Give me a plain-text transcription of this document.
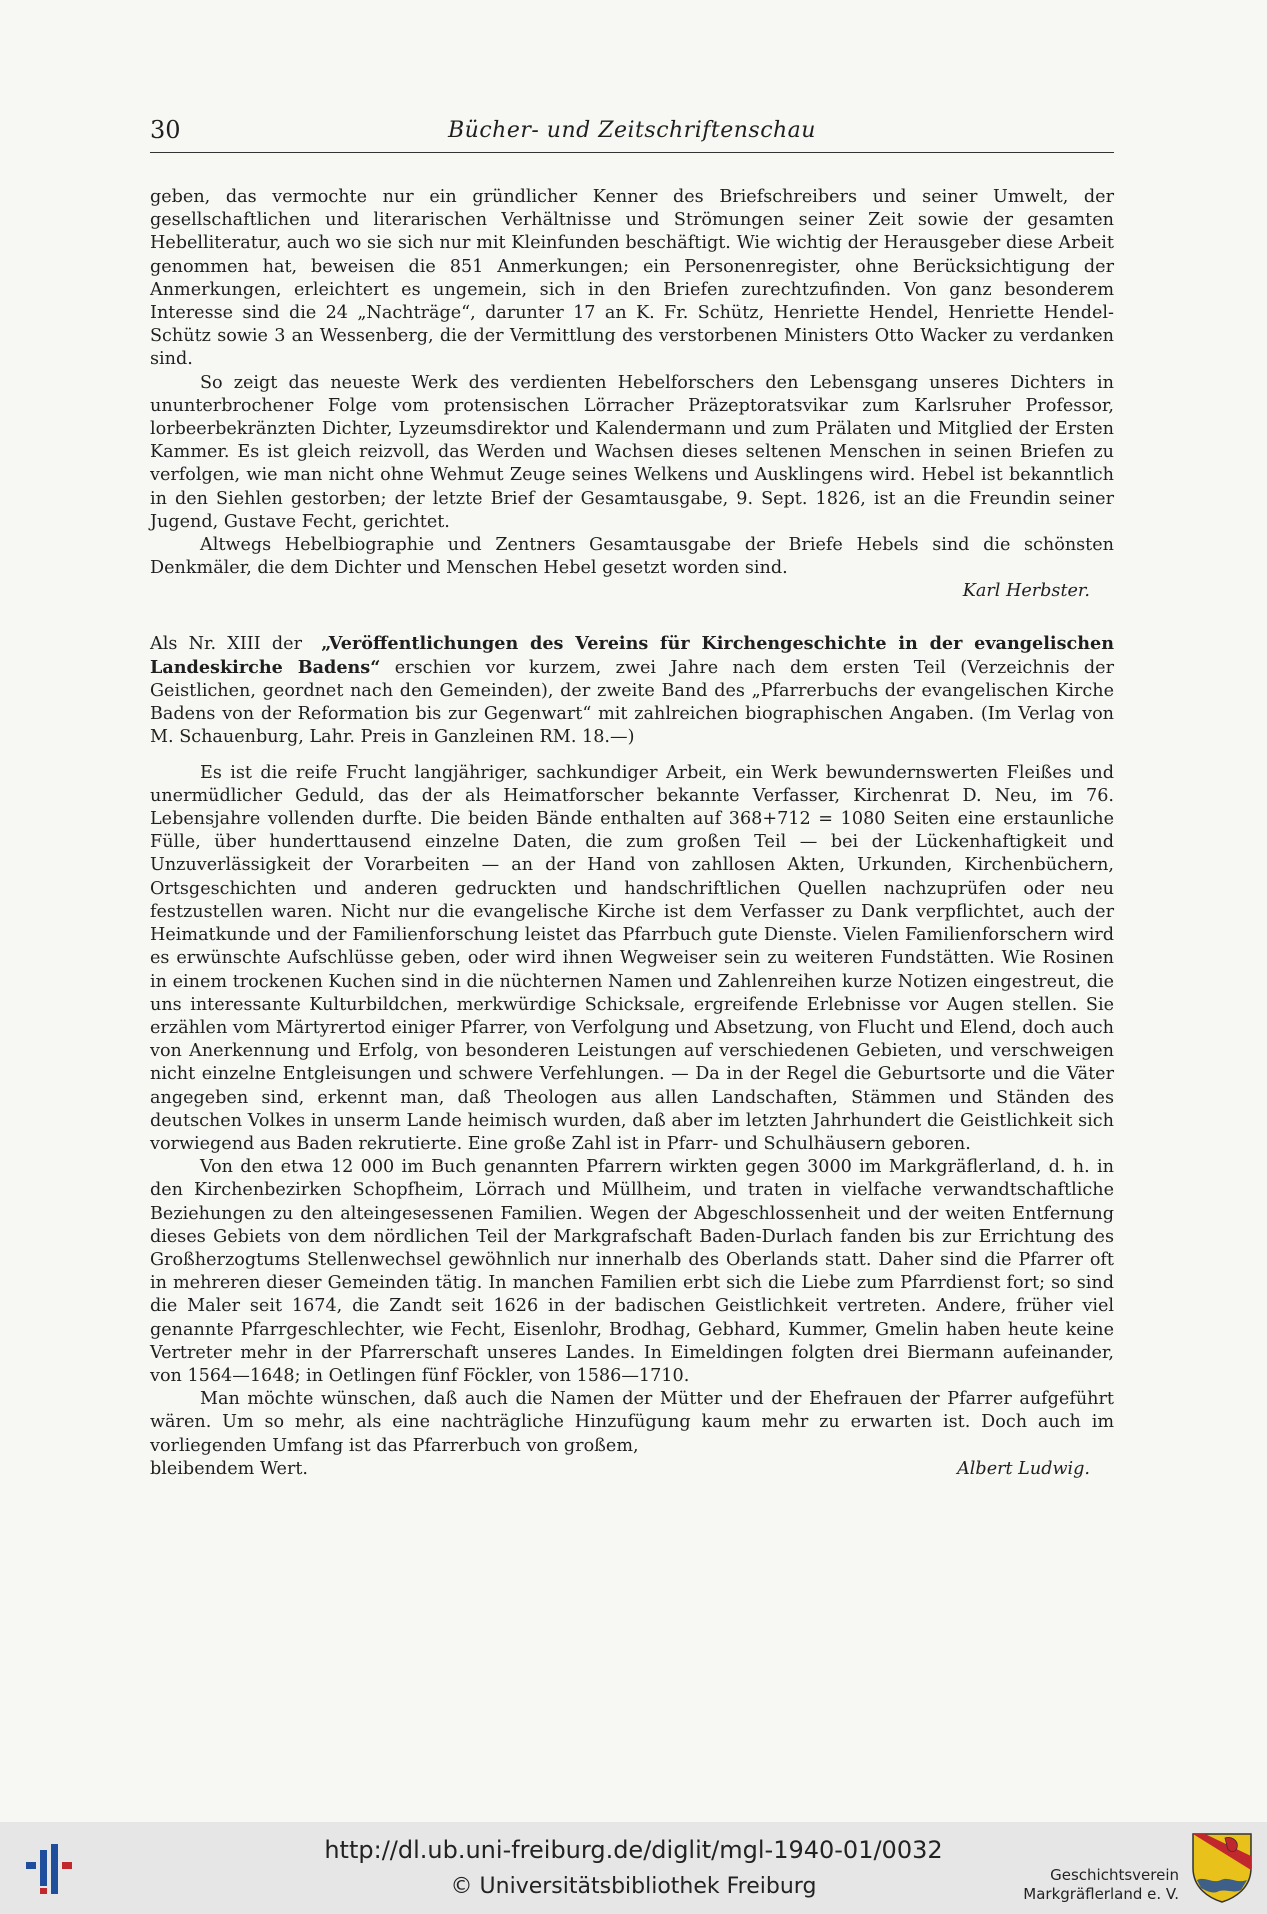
30	Bücher- und Zeitschriftenschau

geben, das vermochte nur ein gründlicher Kenner des Briefschreibers und seiner Umwelt, der gesellschaftlichen und literarischen Verhältnisse und Strömungen seiner Zeit sowie der gesamten Hebelliteratur, auch wo sie sich nur mit Kleinfunden beschäftigt. Wie wichtig der Herausgeber diese Arbeit genommen hat, beweisen die 851 Anmerkungen; ein Personenregister, ohne Berücksichtigung der Anmerkungen, erleichtert es ungemein, sich in den Briefen zurechtzufinden. Von ganz besonderem Interesse sind die 24 „Nachträge“, darunter 17 an K. Fr. Schütz, Henriette Hendel, Henriette Hendel-Schütz sowie 3 an Wessenberg, die der Vermittlung des verstorbenen Ministers Otto Wacker zu verdanken sind.

So zeigt das neueste Werk des verdienten Hebelforschers den Lebensgang unseres Dichters in ununterbrochener Folge vom protensischen Lörracher Präzeptoratsvikar zum Karlsruher Professor, lorbeerbekränzten Dichter, Lyzeumsdirektor und Kalendermann und zum Prälaten und Mitglied der Ersten Kammer. Es ist gleich reizvoll, das Werden und Wachsen dieses seltenen Menschen in seinen Briefen zu verfolgen, wie man nicht ohne Wehmut Zeuge seines Welkens und Ausklingens wird. Hebel ist bekanntlich in den Siehlen gestorben; der letzte Brief der Gesamtausgabe, 9. Sept. 1826, ist an die Freundin seiner Jugend, Gustave Fecht, gerichtet.

Altwegs Hebelbiographie und Zentners Gesamtausgabe der Briefe Hebels sind die schönsten Denkmäler, die dem Dichter und Menschen Hebel gesetzt worden sind.

Karl Herbster.

Als Nr. XIII der „Veröffentlichungen des Vereins für Kirchengeschichte in der evangelischen Landeskirche Badens“ erschien vor kurzem, zwei Jahre nach dem ersten Teil (Verzeichnis der Geistlichen, geordnet nach den Gemeinden), der zweite Band des „Pfarrerbuchs der evangelischen Kirche Badens von der Reformation bis zur Gegenwart“ mit zahlreichen biographischen Angaben. (Im Verlag von M. Schauenburg, Lahr. Preis in Ganzleinen RM. 18.—)

Es ist die reife Frucht langjähriger, sachkundiger Arbeit, ein Werk bewundernswerten Fleißes und unermüdlicher Geduld, das der als Heimatforscher bekannte Verfasser, Kirchenrat D. Neu, im 76. Lebensjahre vollenden durfte. Die beiden Bände enthalten auf 368+712 = 1080 Seiten eine erstaunliche Fülle, über hunderttausend einzelne Daten, die zum großen Teil — bei der Lückenhaftigkeit und Unzuverlässigkeit der Vorarbeiten — an der Hand von zahllosen Akten, Urkunden, Kirchenbüchern, Ortsgeschichten und anderen gedruckten und handschriftlichen Quellen nachzuprüfen oder neu festzustellen waren. Nicht nur die evangelische Kirche ist dem Verfasser zu Dank verpflichtet, auch der Heimatkunde und der Familienforschung leistet das Pfarrbuch gute Dienste. Vielen Familienforschern wird es erwünschte Aufschlüsse geben, oder wird ihnen Wegweiser sein zu weiteren Fundstätten. Wie Rosinen in einem trockenen Kuchen sind in die nüchternen Namen und Zahlenreihen kurze Notizen eingestreut, die uns interessante Kulturbildchen, merkwürdige Schicksale, ergreifende Erlebnisse vor Augen stellen. Sie erzählen vom Märtyrertod einiger Pfarrer, von Verfolgung und Absetzung, von Flucht und Elend, doch auch von Anerkennung und Erfolg, von besonderen Leistungen auf verschiedenen Gebieten, und verschweigen nicht einzelne Entgleisungen und schwere Verfehlungen. — Da in der Regel die Geburtsorte und die Väter angegeben sind, erkennt man, daß Theologen aus allen Landschaften, Stämmen und Ständen des deutschen Volkes in unserm Lande heimisch wurden, daß aber im letzten Jahrhundert die Geistlichkeit sich vorwiegend aus Baden rekrutierte. Eine große Zahl ist in Pfarr- und Schulhäusern geboren.

Von den etwa 12 000 im Buch genannten Pfarrern wirkten gegen 3000 im Markgräflerland, d. h. in den Kirchenbezirken Schopfheim, Lörrach und Müllheim, und traten in vielfache verwandtschaftliche Beziehungen zu den alteingesessenen Familien. Wegen der Abgeschlossenheit und der weiten Entfernung dieses Gebiets von dem nördlichen Teil der Markgrafschaft Baden-Durlach fanden bis zur Errichtung des Großherzogtums Stellenwechsel gewöhnlich nur innerhalb des Oberlands statt. Daher sind die Pfarrer oft in mehreren dieser Gemeinden tätig. In manchen Familien erbt sich die Liebe zum Pfarrdienst fort; so sind die Maler seit 1674, die Zandt seit 1626 in der badischen Geistlichkeit vertreten. Andere, früher viel genannte Pfarrgeschlechter, wie Fecht, Eisenlohr, Brodhag, Gebhard, Kummer, Gmelin haben heute keine Vertreter mehr in der Pfarrerschaft unseres Landes. In Eimeldingen folgten drei Biermann aufeinander, von 1564—1648; in Oetlingen fünf Föckler, von 1586—1710.

Man möchte wünschen, daß auch die Namen der Mütter und der Ehefrauen der Pfarrer aufgeführt wären. Um so mehr, als eine nachträgliche Hinzufügung kaum mehr zu erwarten ist. Doch auch im vorliegenden Umfang ist das Pfarrerbuch von großem,

bleibendem Wert.	Albert Ludwig.
http://dl.ub.uni-freiburg.de/diglit/mgl-1940-01/0032
© Universitätsbibliothek Freiburg	Geschichtsverein
Markgräflerland e. V.
